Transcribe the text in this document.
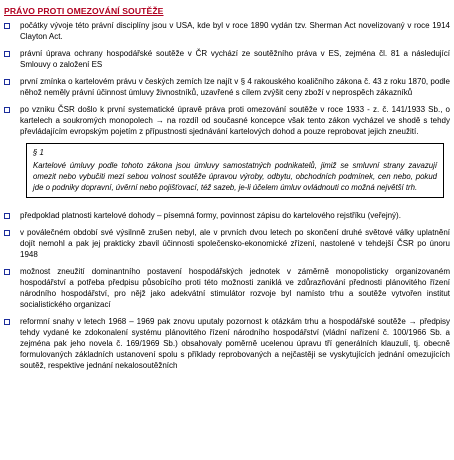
PRÁVO PROTI OMEZOVÁNÍ SOUTĚŽE
počátky vývoje této právní disciplíny jsou v USA, kde byl v roce 1890 vydán tzv. Sherman Act novelizovaný v roce 1914 Clayton Act.
právní úprava ochrany hospodářské soutěže v ČR vychází ze soutěžního práva v ES, zejména čl. 81 a následující Smlouvy o založení ES
první zmínka o kartelovém právu v českých zemích lze najít v § 4 rakouského koaličního zákona č. 43 z roku 1870, podle něhož neměly právní účinnost úmluvy živnostníků, uzavřené s cílem zvýšit ceny zboží v neprospěch zákazníků
po vzniku ČSR došlo k první systematické úpravě práva proti omezování soutěže v roce 1933 - z. č. 141/1933 Sb., o kartelech a soukromých monopolech → na rozdíl od současné koncepce však tento zákon vycházel ve shodě s tehdy převládajícím evropským pojetím z přípustnosti sjednávání kartelových dohod a pouze reprobovat jejich zneužití.
§ 1
Kartelové úmluvy podle tohoto zákona jsou úmluvy samostatných podnikatelů, jimiž se smluvní strany zavazují omezit nebo vybučiti mezi sebou volnost soutěže úpravou výroby, odbytu, obchodních podmínek, cen nebo, pokud jde o podniky dopravní, úvěrní nebo pojišťovací, též sazeb, je-li účelem úmluv ovládnouti co možná největší trh.
předpoklad platnosti kartelové dohody – písemná formy, povinnost zápisu do kartelového rejstříku (veřejný).
v poválečném období své výsilnně zrušen nebyl, ale v prvních dvou letech po skončení druhé světové války uplatnění dojít nemohl a pak jej prakticky zbavil účinnosti společensko-ekonomické zřízení, nastolené v tehdejší ČSR po únoru 1948
možnost zneužití dominantního postavení hospodářských jednotek v záměrně monopolisticky organizovaném hospodářství a potřeba předpisu působícího proti této možnosti zaniklá ve zdůrazňování přednosti plánovitého řízení národního hospodářství, pro nějž jako adekvátní stimulátor rozvoje byl namísto trhu a soutěže vytvořen institut socialistického organizací
reformní snahy v letech 1968 – 1969 pak znovu uputaly pozornost k otázkám trhu a hospodářské soutěže → předpisy tehdy vydané ke zdokonalení systému plánovitého řízení národního hospodářství (vládní nařízení č. 100/1966 Sb. a zejména pak jeho novela č. 169/1969 Sb.) obsahovaly poměrně ucelenou úpravu tří generálních klauzulí, tj. obecně formulovaných základních ustanovení spolu s příklady reprobovaných a nejčastěji se vyskytujících jednání omezujících soutěž, respektive jednání nekalosoutěžních
